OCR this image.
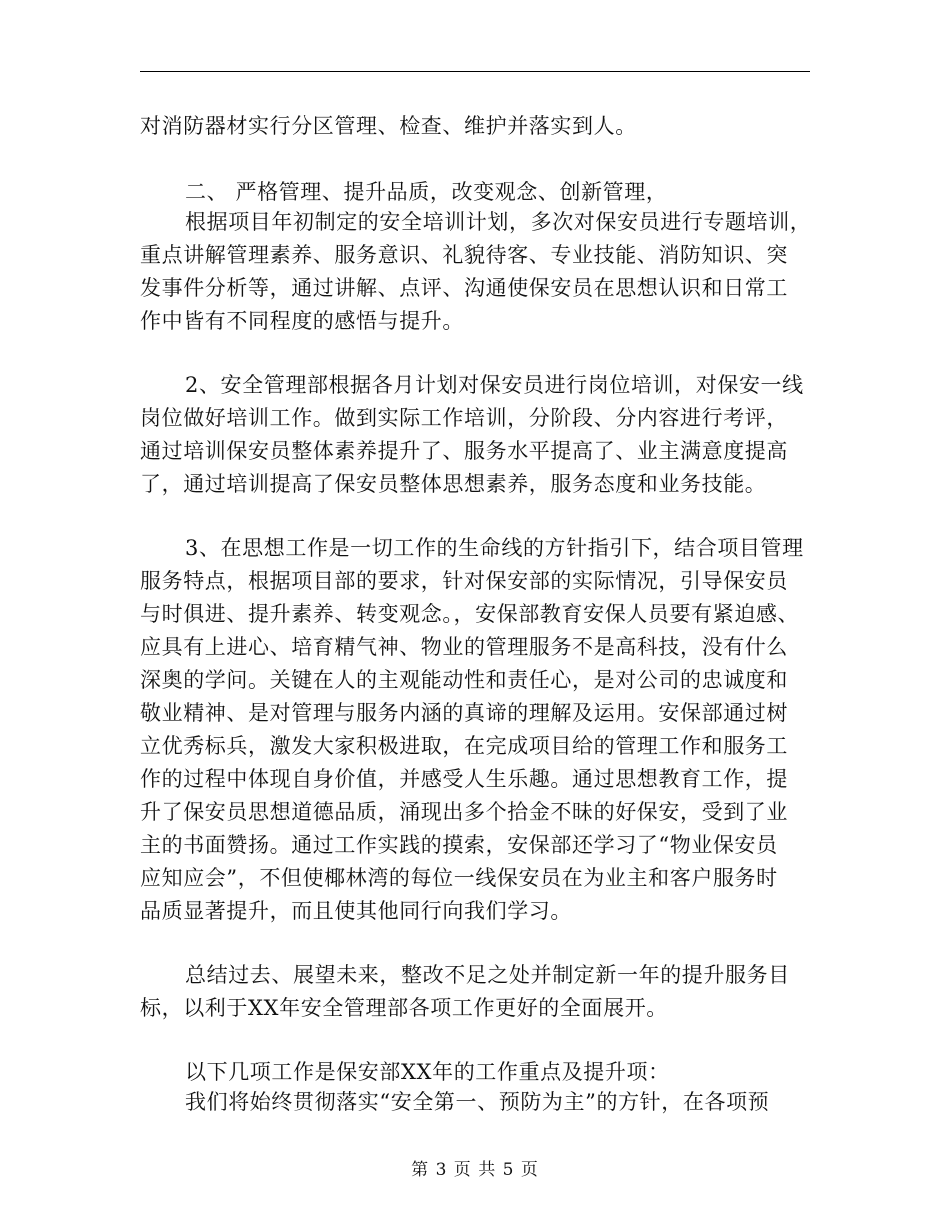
对消防器材实行分区管理、检查、维护并落实到人。
二、 严格管理、提升品质，改变观念、创新管理，
根据项目年初制定的安全培训计划，多次对保安员进行专题培训，
重点讲解管理素养、服务意识、礼貌待客、专业技能、消防知识、突
发事件分析等，通过讲解、点评、沟通使保安员在思想认识和日常工
作中皆有不同程度的感悟与提升。
2、安全管理部根据各月计划对保安员进行岗位培训，对保安一线
岗位做好培训工作。做到实际工作培训，分阶段、分内容进行考评，
通过培训保安员整体素养提升了、服务水平提高了、业主满意度提高
了，通过培训提高了保安员整体思想素养，服务态度和业务技能。
3、在思想工作是一切工作的生命线的方针指引下，结合项目管理
服务特点，根据项目部的要求，针对保安部的实际情况，引导保安员
与时俱进、提升素养、转变观念。，安保部教育安保人员要有紧迫感、
应具有上进心、培育精气神、物业的管理服务不是高科技，没有什么
深奥的学问。关键在人的主观能动性和责任心，是对公司的忠诚度和
敬业精神、是对管理与服务内涵的真谛的理解及运用。安保部通过树
立优秀标兵，激发大家积极进取，在完成项目给的管理工作和服务工
作的过程中体现自身价值，并感受人生乐趣。通过思想教育工作，提
升了保安员思想道德品质，涌现出多个拾金不昧的好保安，受到了业
主的书面赞扬。通过工作实践的摸索，安保部还学习了“物业保安员
应知应会”，不但使椰林湾的每位一线保安员在为业主和客户服务时
品质显著提升，而且使其他同行向我们学习。
总结过去、展望未来，整改不足之处并制定新一年的提升服务目
标，以利于XX年安全管理部各项工作更好的全面展开。
以下几项工作是保安部XX年的工作重点及提升项：
我们将始终贯彻落实“安全第一、预防为主”的方针，在各项预
第 3 页 共 5 页
